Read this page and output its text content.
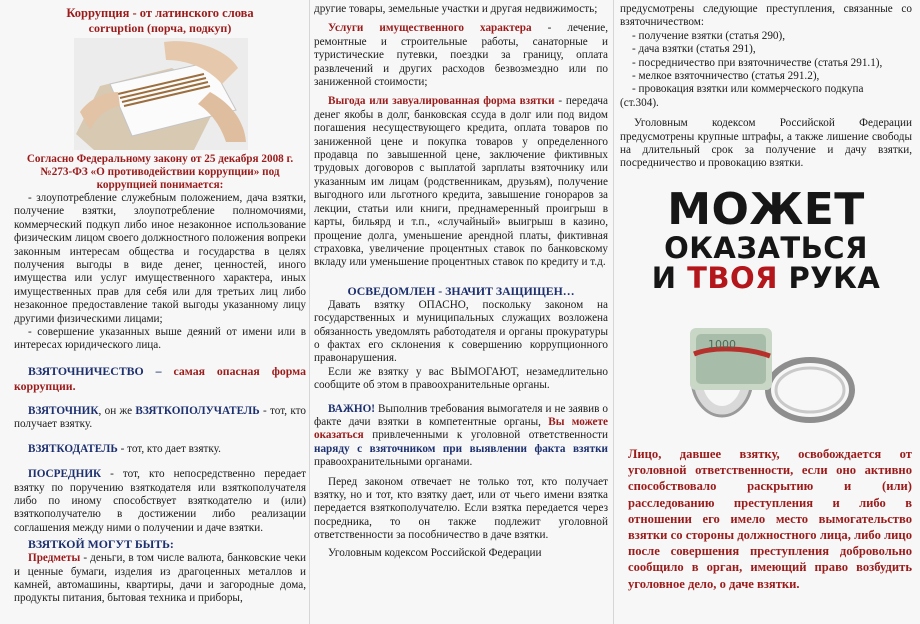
Коррупция - от латинского слова
corruption (порча, подкуп)

Согласно Федеральному закону от 25 декабря 2008 г. №273-ФЗ «О противодействии коррупции» под коррупцией понимается:

- злоупотребление служебным положением, дача взятки, получение взятки, злоупотребление полномочиями, коммерческий подкуп либо иное незаконное использование физическим лицом своего должностного положения вопреки законным интересам общества и государства в целях получения выгоды в виде денег, ценностей, иного имущества или услуг имущественного характера, иных имущественных прав для себя или для третьих лиц либо незаконное предоставление такой выгоды указанному лицу другими физическими лицами;

- совершение указанных выше деяний от имени или в интересах юридического лица.

ВЗЯТОЧНИЧЕСТВО – самая опасная форма коррупции.

ВЗЯТОЧНИК, он же ВЗЯТКОПОЛУЧАТЕЛЬ - тот, кто получает взятку.

ВЗЯТКОДАТЕЛЬ - тот, кто дает взятку.

ПОСРЕДНИК - тот, кто непосредственно передает взятку по поручению взяткодателя или взяткополучателя либо по иному способствует взяткодателю и (или) взяткополучателю в достижении либо реализации соглашения между ними о получении и даче взятки.

ВЗЯТКОЙ МОГУТ БЫТЬ:

Предметы - деньги, в том числе валюта, банковские чеки и ценные бумаги, изделия из драгоценных металлов и камней, автомашины, квартиры, дачи и загородные дома, продукты питания, бытовая техника и приборы,

другие товары, земельные участки и другая недвижимость;

Услуги имущественного характера - лечение, ремонтные и строительные работы, санаторные и туристические путевки, поездки за границу, оплата развлечений и других расходов безвозмездно или по заниженной стоимости;

Выгода или завуалированная форма взятки - передача денег якобы в долг, банковская ссуда в долг или под видом погашения несуществующего кредита, оплата товаров по заниженной цене и покупка товаров у определенного продавца по завышенной цене, заключение фиктивных трудовых договоров с выплатой зарплаты взяточнику или указанным им лицам (родственникам, друзьям), получение выгодного или льготного кредита, завышение гонораров за лекции, статьи или книги, преднамеренный проигрыш в карты, бильярд и т.п., «случайный» выигрыш в казино, прощение долга, уменьшение арендной платы, фиктивная страховка, увеличение процентных ставок по банковскому вкладу или уменьшение процентных ставок по кредиту и т.д.

ОСВЕДОМЛЕН - ЗНАЧИТ ЗАЩИЩЕН…

Давать взятку ОПАСНО, поскольку законом на государственных и муниципальных служащих возложена обязанность уведомлять работодателя и органы прокуратуры о фактах его склонения к совершению коррупционного правонарушения.

Если же взятку у вас ВЫМОГАЮТ, незамедлительно сообщите об этом в правоохранительные органы.

ВАЖНО! Выполнив требования вымогателя и не заявив о факте дачи взятки в компетентные органы, Вы можете оказаться привлеченными к уголовной ответственности наряду с взяточником при выявлении факта взятки правоохранительными органами.

Перед законом отвечает не только тот, кто получает взятку, но и тот, кто взятку дает, или от чьего имени взятка передается взяткополучателю. Если взятка передается через посредника, то он также подлежит уголовной ответственности за пособничество в даче взятки.

Уголовным кодексом Российской Федерации

предусмотрены следующие преступления, связанные со взяточничеством:

- получение взятки (статья 290),

- дача взятки (статья 291),

- посредничество при взяточничестве (статья 291.1),

- мелкое взяточничество (статья 291.2),

- провокация взятки или коммерческого подкупа

(ст.304).

Уголовным кодексом Российской Федерации предусмотрены крупные штрафы, а также лишение свободы на длительный срок за получение и дачу взятки, посредничество и провокацию взятки.

МОЖЕТ
ОКАЗАТЬСЯ
И ТВОЯ РУКА
1000

Лицо, давшее взятку, освобождается от уголовной ответственности, если оно активно способствовало раскрытию и (или) расследованию преступления и либо в отношении его имело место вымогательство взятки со стороны должностного лица, либо лицо после совершения преступления добровольно сообщило в орган, имеющий право возбудить уголовное дело, о даче взятки.
